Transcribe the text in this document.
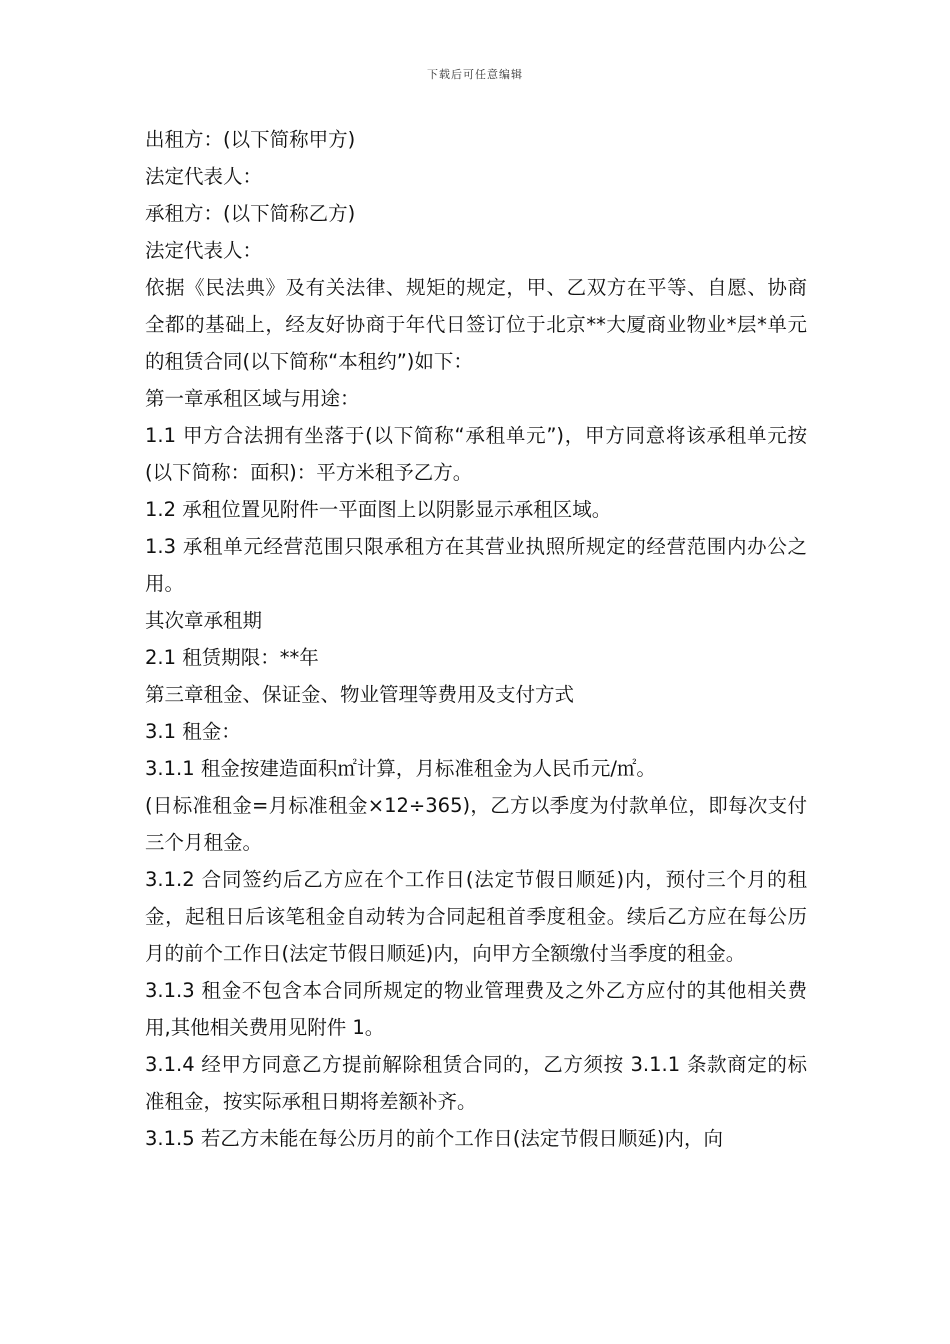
下载后可任意编辑

出租方：(以下简称甲方)

法定代表人：

承租方：(以下简称乙方)

法定代表人：

依据《民法典》及有关法律、规矩的规定，甲、乙双方在平等、自愿、协商全都的基础上，经友好协商于年代日签订位于北京**大厦商业物业*层*单元的租赁合同(以下简称“本租约”)如下：

第一章承租区域与用途：

1.1 甲方合法拥有坐落于(以下简称“承租单元”)，甲方同意将该承租单元按(以下简称：面积)：平方米租予乙方。

1.2 承租位置见附件一平面图上以阴影显示承租区域。

1.3 承租单元经营范围只限承租方在其营业执照所规定的经营范围内办公之用。

其次章承租期

2.1 租赁期限：**年

第三章租金、保证金、物业管理等费用及支付方式

3.1 租金：

3.1.1 租金按建造面积㎡计算，月标准租金为人民币元/㎡。

(日标准租金=月标准租金×12÷365)，乙方以季度为付款单位，即每次支付三个月租金。

3.1.2 合同签约后乙方应在个工作日(法定节假日顺延)内，预付三个月的租金，起租日后该笔租金自动转为合同起租首季度租金。续后乙方应在每公历月的前个工作日(法定节假日顺延)内，向甲方全额缴付当季度的租金。

3.1.3 租金不包含本合同所规定的物业管理费及之外乙方应付的其他相关费用,其他相关费用见附件 1。

3.1.4 经甲方同意乙方提前解除租赁合同的，乙方须按 3.1.1 条款商定的标准租金，按实际承租日期将差额补齐。

3.1.5 若乙方未能在每公历月的前个工作日(法定节假日顺延)内，向
